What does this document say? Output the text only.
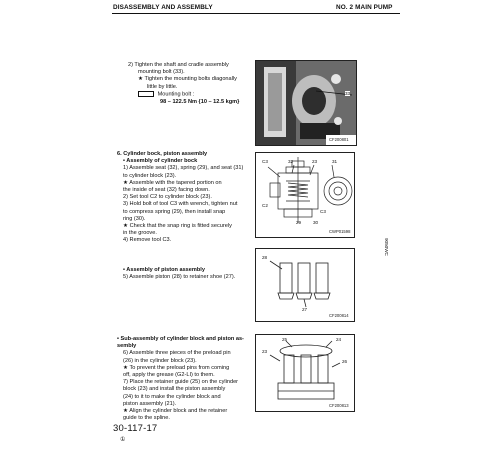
DISASSEMBLY AND ASSEMBLY	NO. 2 MAIN PUMP
2) Tighten the shaft and cradle assembly
mounting bolt (33).
★ Tighten the mounting bolts diagonally
little by little.
Mounting bolt :
98 – 122.5 Nm {10 – 12.5 kgm}
33
CF200801
6. Cylinder bock, piston assembly
• Assembly of cylinder bock
1) Assemble seat (32), spring (29), and seat (31)
to cylinder block (23).
★ Assemble with the tapered portion on
the inside of seat (32) facing down.
2) Set tool C2 to cylinder block (23).
3) Hold bolt of tool C3 with wrench, tighten nut
to compress spring (29), then install snap
ring (30).
★ Check that the snap ring is fitted securely
in the groove.
4) Remove tool C3.
C3	32	23	31
C2
29	30
C3
CWP01598
• Assembly of piston assembly
5) Assemble piston (28) to retainer shoe (27).
28
27
CF200814
• Sub-assembly of cylinder block and piston as-
sembly
6) Assemble three pieces of the preload pin
(26) in the cylinder block (23).
★ To prevent the preload pins from coming
off, apply the grease (G2-LI) to them.
7) Place the retainer guide (25) on the cylinder
block (23) and install the piston assembly
(24) to it to make the cylinder block and
piston assembly (21).
★ Align the cylinder block and the retainer
guide to the spline.
25	24
23
26
CF200813
9050WC
30-117-17
①
